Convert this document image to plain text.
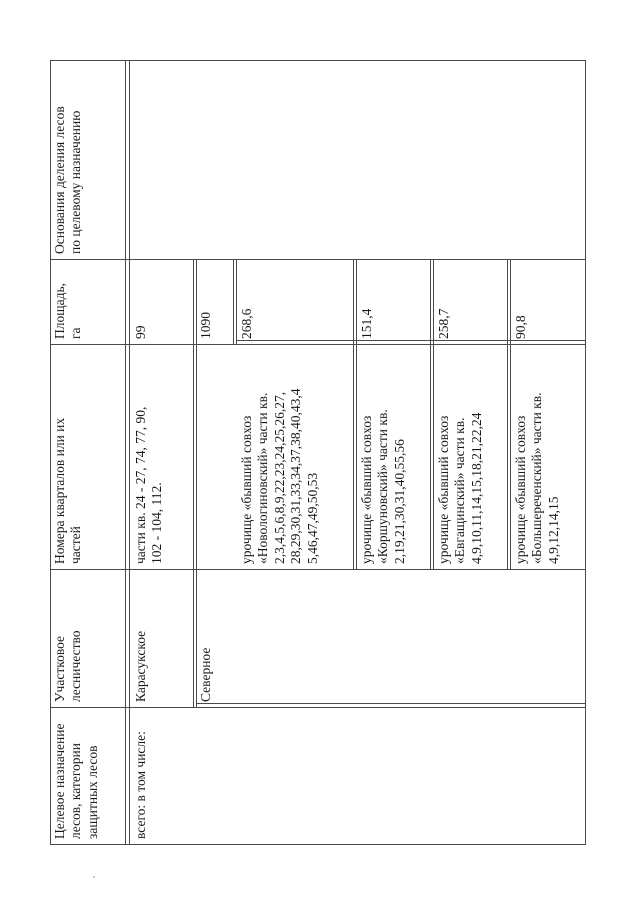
Целевое назначение
лесов, категории
защитных лесов
Участковое
лесничество
Номера кварталов или их
частей
Площадь,
га
Основания деления лесов
по целевому назначению
всего: в том числе:
Карасукское
части кв. 24 - 27, 74, 77, 90,
102 - 104, 112.
99
Северное
1090
урочище «бывший совхоз
«Новологиновский» части кв.
2,3,4,5,6,8,9,22,23,24,25,26,27,
28,29,30,31,33,34,37,38,40,43,4
5,46,47,49,50,53
268,6
урочище «бывший совхоз
«Коршуновский» части кв.
2,19,21,30,31,40,55,56
151,4
урочище «бывший совхоз
«Евгащинский» части кв.
4,9,10,11,14,15,18,21,22,24
258,7
урочище «бывший совхоз
«Большереченский» части кв.
4,9,12,14,15
90,8
